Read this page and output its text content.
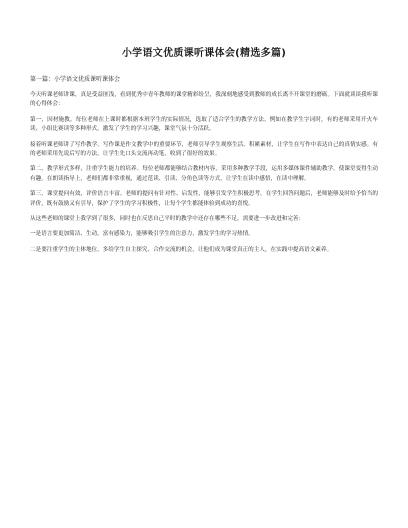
小学语文优质课听课体会(精选多篇)
第一篇：小学语文优质课听课体会
今天听课老师讲课，真是受益匪浅，看到优秀中青年教师的课堂精彩纷呈，我深刻地感受到教师的成长离不开课堂的磨砺。下面就谈谈我听课的心得体会：
第一，因材施教。每位老师在上课时都根据本班学生的实际情况，选取了适合学生的教学方法。例如在教学生字词时，有的老师采用开火车读、小组比赛读等多种形式，激发了学生的学习兴趣，课堂气氛十分活跃。
接着听课老师讲了写作教学。写作课是作文教学中的重要环节，老师引导学生观察生活、积累素材，让学生在写作中表达自己的真情实感。有的老师采用先说后写的方法，让学生先口头交流再动笔，收到了很好的效果。
第二，教学形式多样，注重学生能力的培养。每位老师都能够结合教材内容，采用多种教学手段，运用多媒体课件辅助教学，使课堂变得生动有趣。在朗读指导上，老师们都非常重视，通过范读、引读、分角色读等方式，让学生在读中感悟，在读中理解。
第三，课堂提问有效，评价语言丰富。老师的提问有针对性、启发性，能够引发学生积极思考。在学生回答问题后，老师能够及时给予恰当的评价，既有鼓励又有引导，保护了学生的学习积极性，让每个学生都能体验到成功的喜悦。
从这些老师的课堂上我学到了很多，同时也在反思自己平时的教学中还存在哪些不足，需要进一步改进和完善：
一是语言要更加简洁、生动，富有感染力，能够吸引学生的注意力，激发学生的学习热情。
二是要注重学生的主体地位，多给学生自主探究、合作交流的机会，让他们成为课堂真正的主人，在实践中提高语文素养。
